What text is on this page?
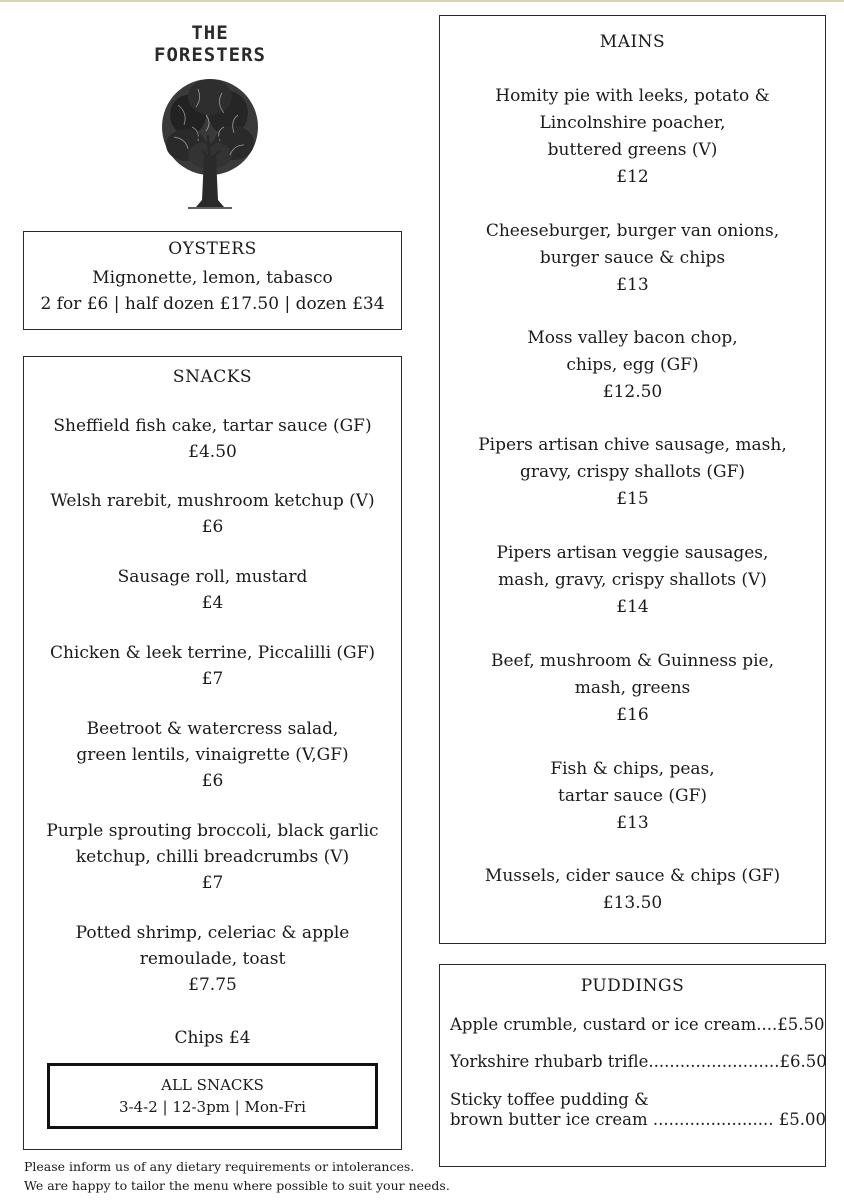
THE
FORESTERS
OYSTERS
Mignonette, lemon, tabasco
2 for £6 | half dozen £17.50 | dozen £34
SNACKS
Sheffield fish cake, tartar sauce (GF)
£4.50
Welsh rarebit, mushroom ketchup (V)
£6
Sausage roll, mustard
£4
Chicken & leek terrine, Piccalilli (GF)
£7
Beetroot & watercress salad,
green lentils, vinaigrette (V,GF)
£6
Purple sprouting broccoli, black garlic
ketchup, chilli breadcrumbs (V)
£7
Potted shrimp, celeriac & apple
remoulade, toast
£7.75
Chips £4
ALL SNACKS
3-4-2 | 12-3pm | Mon-Fri
MAINS
Homity pie with leeks, potato &
Lincolnshire poacher,
buttered greens (V)
£12
Cheeseburger, burger van onions,
burger sauce & chips
£13
Moss valley bacon chop,
chips, egg (GF)
£12.50
Pipers artisan chive sausage, mash,
gravy, crispy shallots (GF)
£15
Pipers artisan veggie sausages,
mash, gravy, crispy shallots (V)
£14
Beef, mushroom & Guinness pie,
mash, greens
£16
Fish & chips, peas,
tartar sauce (GF)
£13
Mussels, cider sauce & chips (GF)
£13.50
PUDDINGS
Apple crumble, custard or ice cream....£5.50
Yorkshire rhubarb trifle.........................£6.50
Sticky toffee pudding &
brown butter ice cream ....................... £5.00
Please inform us of any dietary requirements or intolerances.
We are happy to tailor the menu where possible to suit your needs.
